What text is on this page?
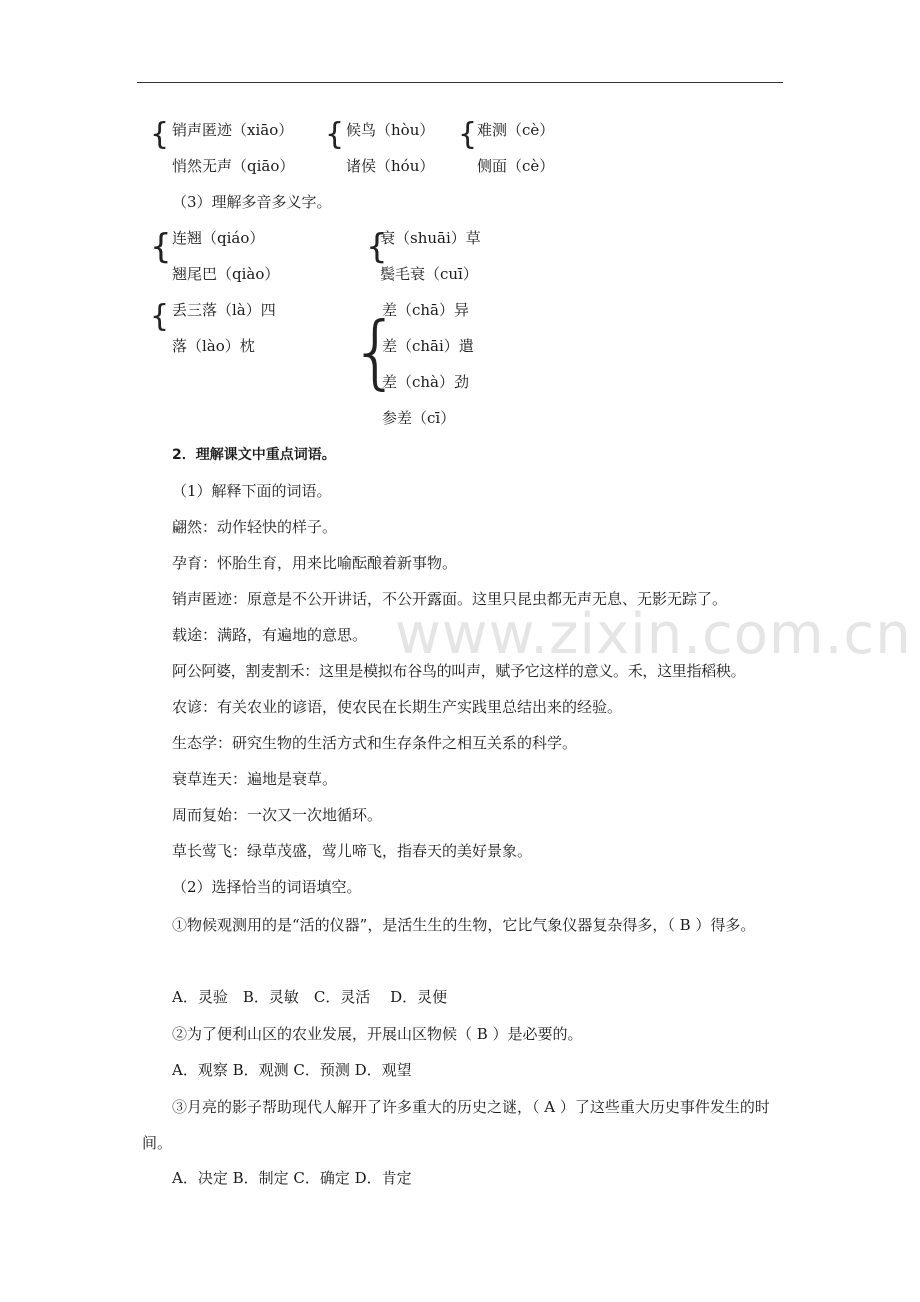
{ 销声匿迹（xiāo）
悄然无声（qiāo）
{ 候鸟（hòu）
诸侯（hóu）
{ 难测（cè）
侧面（cè）
（3）理解多音多义字。
{ 连翘（qiáo）
翘尾巴（qiào）
{
衰（shuāi）草
鬓毛衰（cuī）
{ 丢三落（là）四
落（lào）枕 {
差（chā）异
差（chāi）遣
差（chà）劲
参差（cī）
2．理解课文中重点词语。
（1）解释下面的词语。
翩然：动作轻快的样子。
孕育：怀胎生育，用来比喻酝酿着新事物。
销声匿迹：原意是不公开讲话，不公开露面。这里只昆虫都无声无息、无影无踪了。
载途：满路，有遍地的意思。
阿公阿婆，割麦割禾：这里是模拟布谷鸟的叫声，赋予它这样的意义。禾，这里指稻秧。
农谚：有关农业的谚语，使农民在长期生产实践里总结出来的经验。
生态学：研究生物的生活方式和生存条件之相互关系的科学。
衰草连天：遍地是衰草。
周而复始：一次又一次地循环。
草长莺飞：绿草茂盛，莺儿啼飞，指春天的美好景象。
（2）选择恰当的词语填空。
①物候观测用的是“活的仪器”，是活生生的生物，它比气象仪器复杂得多，（ B ）得多。
A．灵验　B．灵敏　C．灵活　 D．灵便
②为了便利山区的农业发展，开展山区物候（ B ）是必要的。
A．观察 B．观测 C．预测 D．观望
③月亮的影子帮助现代人解开了许多重大的历史之谜，（ A ）了这些重大历史事件发生的时间。
A．决定 B．制定 C．确定 D．肯定
www.zixin.com.cn
